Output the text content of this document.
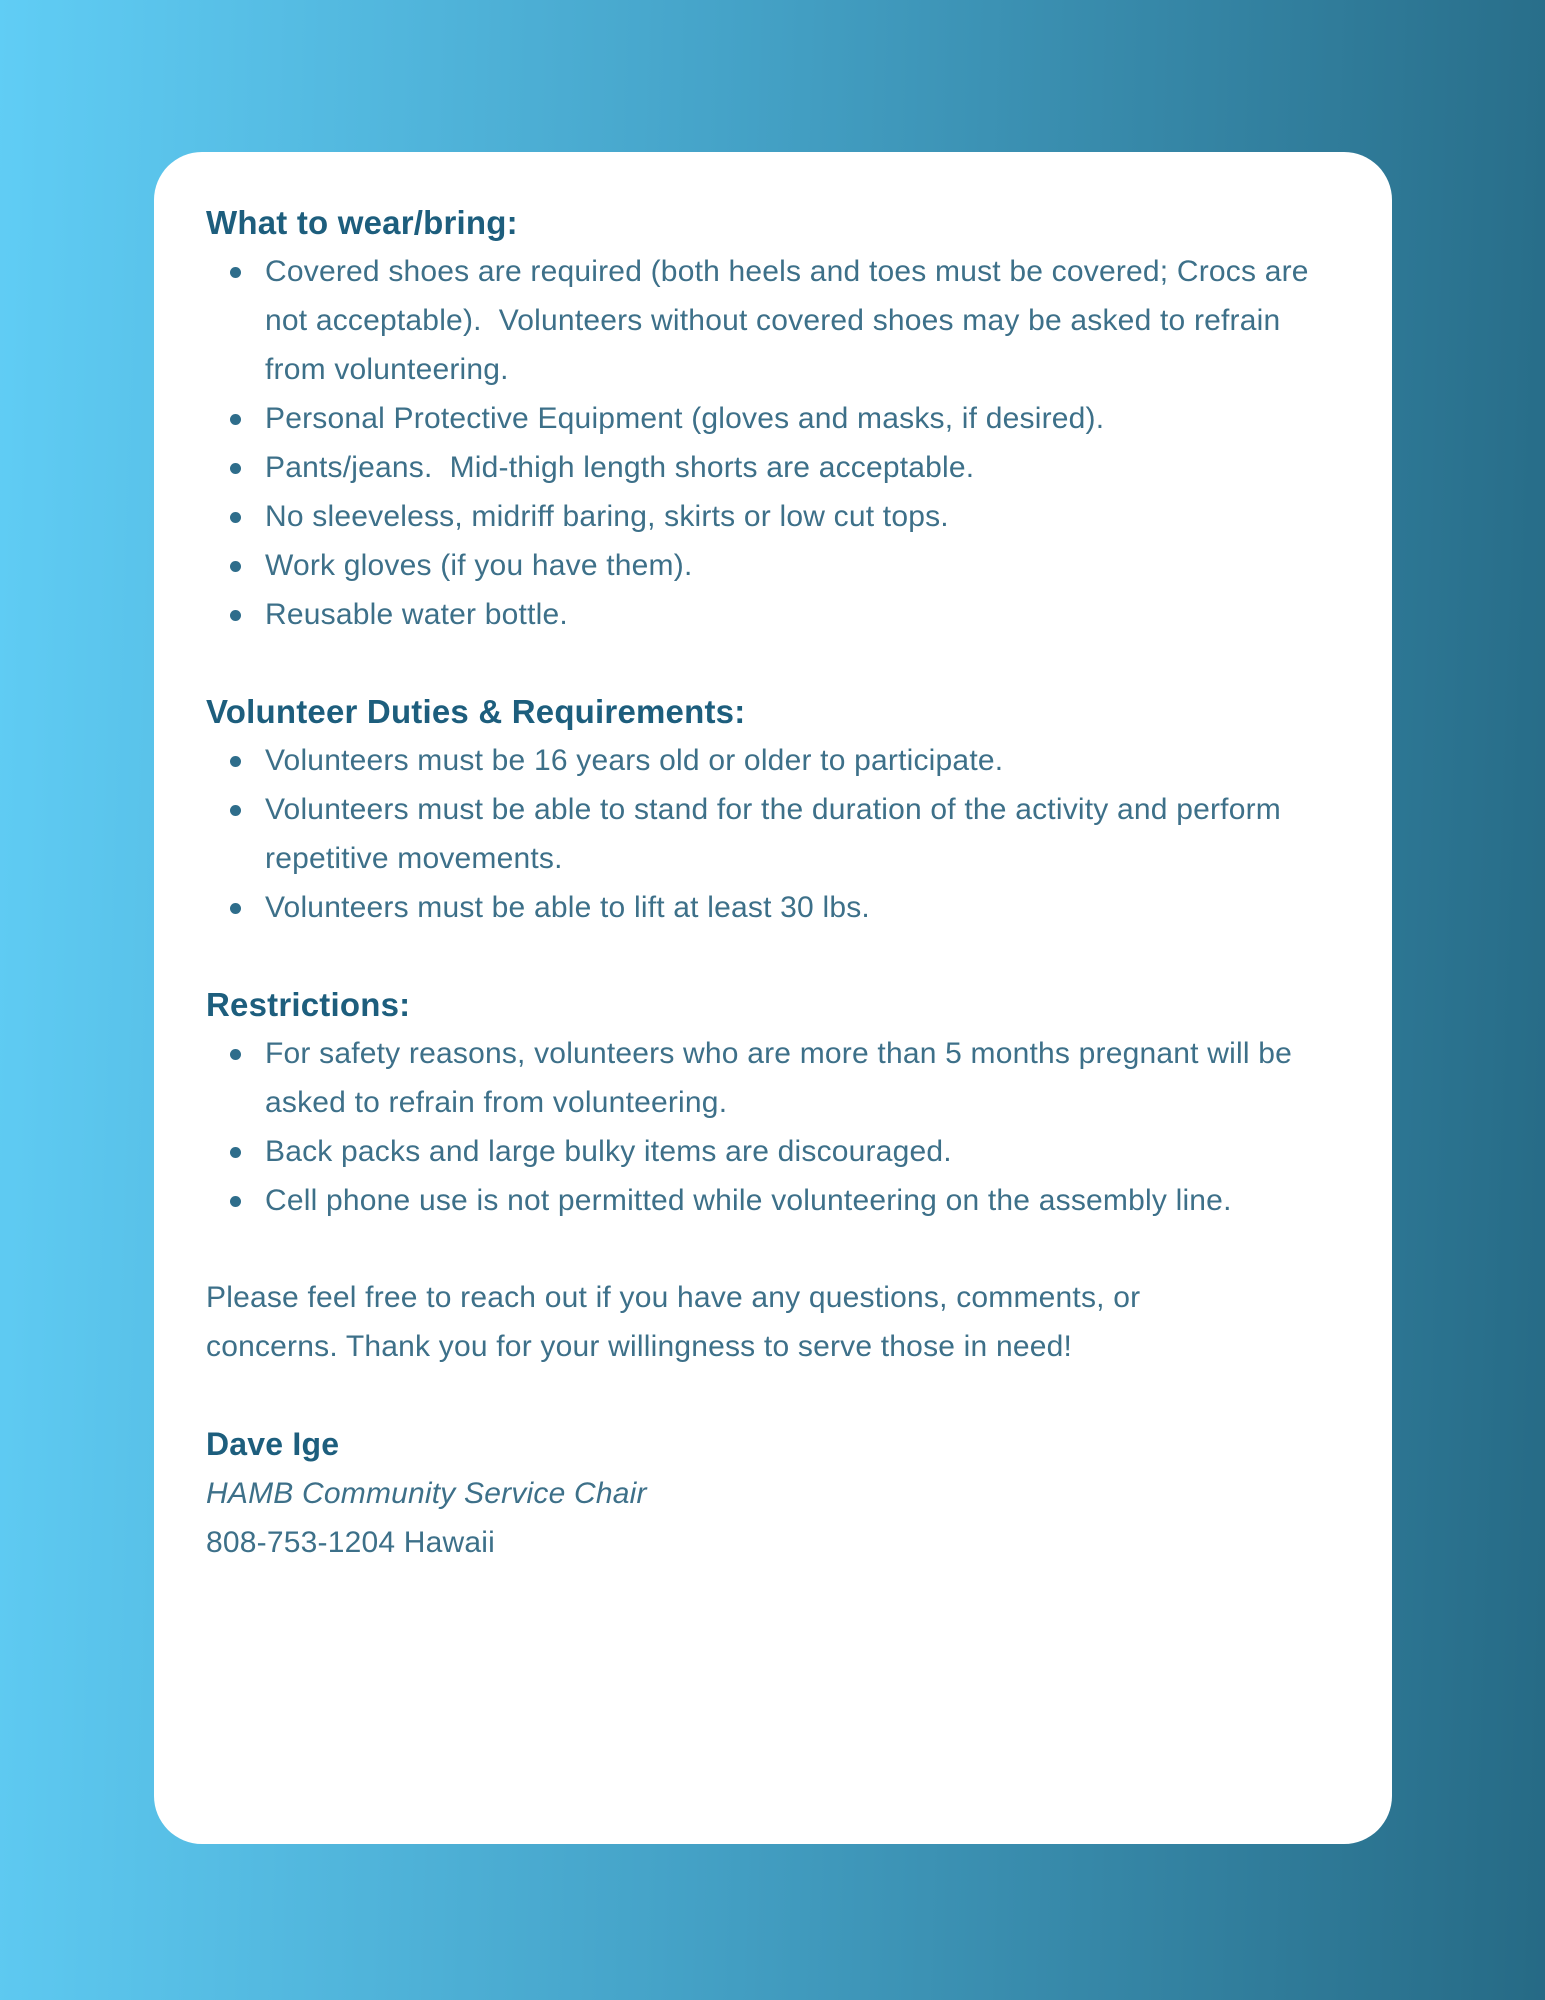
What to wear/bring:
Covered shoes are required (both heels and toes must be covered; Crocs are not acceptable).  Volunteers without covered shoes may be asked to refrain from volunteering.
Personal Protective Equipment (gloves and masks, if desired).
Pants/jeans.  Mid-thigh length shorts are acceptable.
No sleeveless, midriff baring, skirts or low cut tops.
Work gloves (if you have them).
Reusable water bottle.
Volunteer Duties & Requirements:
Volunteers must be 16 years old or older to participate.
Volunteers must be able to stand for the duration of the activity and perform repetitive movements.
Volunteers must be able to lift at least 30 lbs.
Restrictions:
For safety reasons, volunteers who are more than 5 months pregnant will be asked to refrain from volunteering.
Back packs and large bulky items are discouraged.
Cell phone use is not permitted while volunteering on the assembly line.

Please feel free to reach out if you have any questions, comments, or concerns. Thank you for your willingness to serve those in need!

Dave Ige
HAMB Community Service Chair
808-753-1204 Hawaii
